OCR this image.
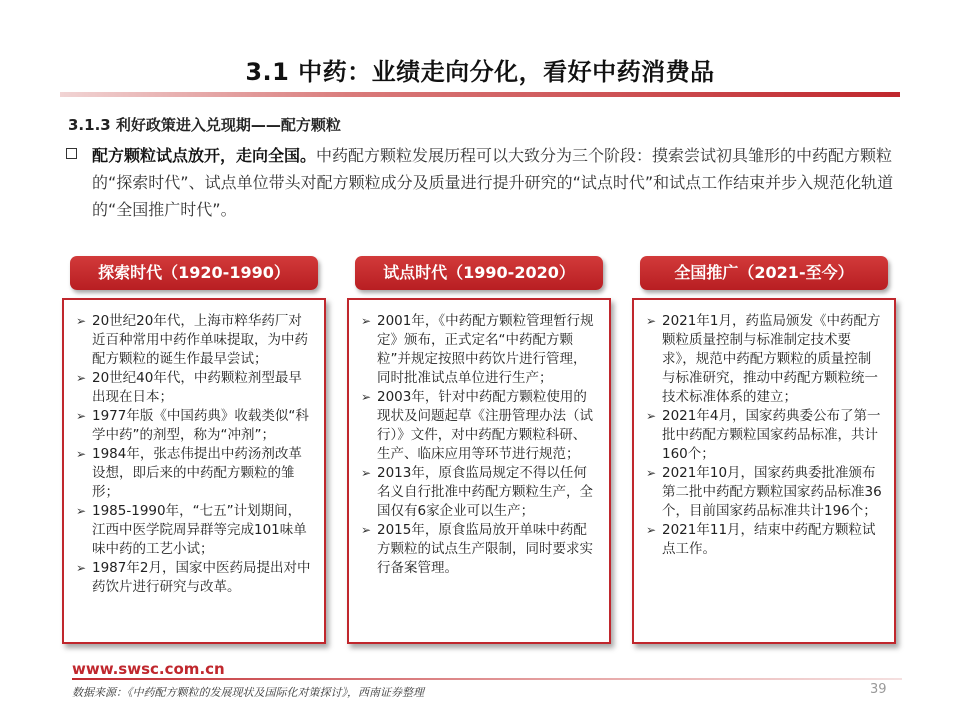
3.1 中药：业绩走向分化，看好中药消费品
3.1.3 利好政策进入兑现期——配方颗粒
配方颗粒试点放开，走向全国。中药配方颗粒发展历程可以大致分为三个阶段：摸索尝试初具雏形的中药配方颗粒的“探索时代”、试点单位带头对配方颗粒成分及质量进行提升研究的“试点时代”和试点工作结束并步入规范化轨道的“全国推广时代”。
探索时代（1920-1990）
➢ 20世纪20年代，上海市粹华药厂对近百种常用中药作单味提取，为中药配方颗粒的诞生作最早尝试；
➢ 20世纪40年代，中药颗粒剂型最早出现在日本；
➢ 1977年版《中国药典》收载类似“科学中药”的剂型，称为“冲剂”；
➢ 1984年，张志伟提出中药汤剂改革设想，即后来的中药配方颗粒的雏形；
➢ 1985-1990年，“七五”计划期间，江西中医学院周异群等完成101味单味中药的工艺小试；
➢ 1987年2月，国家中医药局提出对中药饮片进行研究与改革。
试点时代（1990-2020）
➢ 2001年，《中药配方颗粒管理暂行规定》颁布，正式定名“中药配方颗粒”并规定按照中药饮片进行管理，同时批准试点单位进行生产；
➢ 2003年，针对中药配方颗粒使用的现状及问题起草《注册管理办法（试行）》文件，对中药配方颗粒科研、生产、临床应用等环节进行规范；
➢ 2013年，原食监局规定不得以任何名义自行批准中药配方颗粒生产，全国仅有6家企业可以生产；
➢ 2015年，原食监局放开单味中药配方颗粒的试点生产限制，同时要求实行备案管理。
全国推广（2021-至今）
➢ 2021年1月，药监局颁发《中药配方颗粒质量控制与标准制定技术要求》，规范中药配方颗粒的质量控制与标准研究，推动中药配方颗粒统一技术标准体系的建立；
➢ 2021年4月，国家药典委公布了第一批中药配方颗粒国家药品标准，共计160个；
➢ 2021年10月，国家药典委批准颁布第二批中药配方颗粒国家药品标准36个，目前国家药品标准共计196个；
➢ 2021年11月，结束中药配方颗粒试点工作。
www.swsc.com.cn
数据来源：《中药配方颗粒的发展现状及国际化对策探讨》，西南证券整理	39
